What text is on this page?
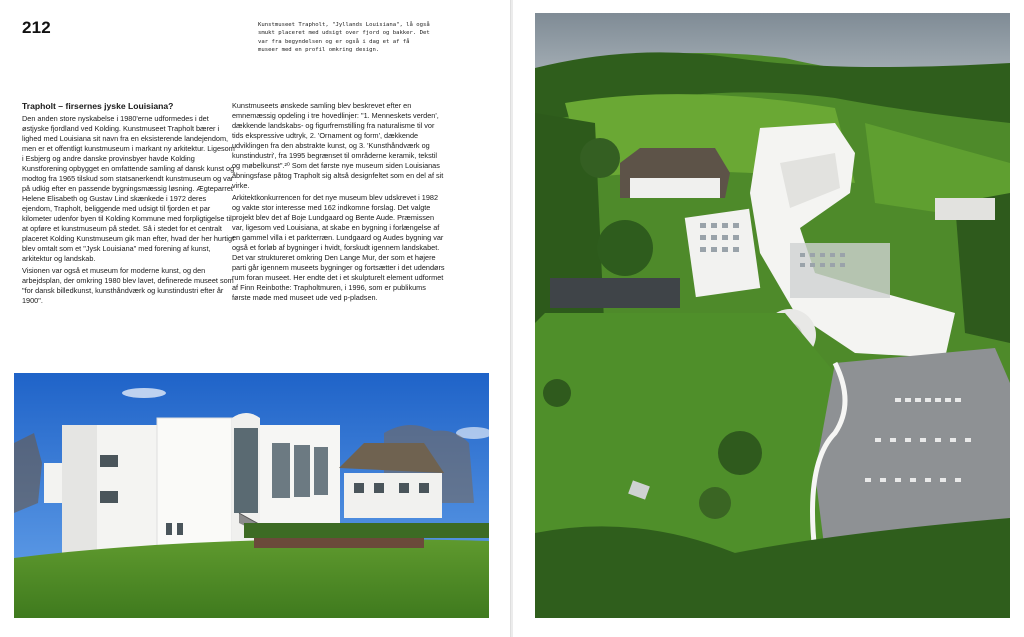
212	Kunstmuseet Trapholt, "Jyllands Louisiana", lå også smukt placeret med udsigt over fjord og bakker. Det var fra begyndelsen og er også i dag et af få museer med en profil omkring design.

Trapholt – firsernes jyske Louisiana?

Den anden store nyskabelse i 1980'erne udformedes i det østjyske fjordland ved Kolding. Kunstmuseet Trapholt bærer i lighed med Louisiana sit navn fra en eksisterende landejendom, men er et offentligt kunstmuseum i markant ny arkitektur. Ligesom i Esbjerg og andre danske provinsbyer havde Kolding Kunstforening opbygget en omfattende samling af dansk kunst og modtog fra 1965 tilskud som statsanerkendt kunstmuseum og var på udkig efter en passende bygningsmæssig løsning. Ægteparret Helene Elisabeth og Gustav Lind skænkede i 1972 deres ejendom, Trapholt, beliggende med udsigt til fjorden et par kilometer udenfor byen til Kolding Kommune med forpligtigelse til at opføre et kunstmuseum på stedet. Så i stedet for et centralt placeret Kolding Kunstmuseum gik man efter, hvad der her hurtigt blev omtalt som et "Jysk Louisiana" med forening af kunst, arkitektur og landskab.

Visionen var også et museum for moderne kunst, og den arbejdsplan, der omkring 1980 blev lavet, definerede museet som "for dansk billedkunst, kunsthåndværk og kunstindustri efter år 1900".

Kunstmuseets ønskede samling blev beskrevet efter en emnemæssig opdeling i tre hovedlinjer: "1. Menneskets verden', dækkende landskabs- og figurfremstilling fra naturalisme til vor tids ekspressive udtryk, 2. 'Ornament og form', dækkende udviklingen fra den abstrakte kunst, og 3. 'Kunsthåndværk og kunstindustri', fra 1995 begrænset til områderne keramik, tekstil og møbelkunst".²⁰ Som det første nye museum siden Louisianas åbningsfase påtog Trapholt sig altså designfeltet som en del af sit virke.

Arkitektkonkurrencen for det nye museum blev udskrevet i 1982 og vakte stor interesse med 162 indkomne forslag. Det valgte projekt blev det af Boje Lundgaard og Bente Aude. Præmissen var, ligesom ved Louisiana, at skabe en bygning i forlængelse af en gammel villa i et parkterræn. Lundgaard og Audes bygning var også et forløb af bygninger i hvidt, forskudt igennem landskabet. Det var struktureret omkring Den Lange Mur, der som et højere parti går igennem museets bygninger og fortsætter i det udendørs rum foran museet. Her endte det i et skulpturelt element udformet af Finn Reinbothe: Trapholtmuren, i 1996, som er publikums første møde med museet ude ved p-pladsen.
